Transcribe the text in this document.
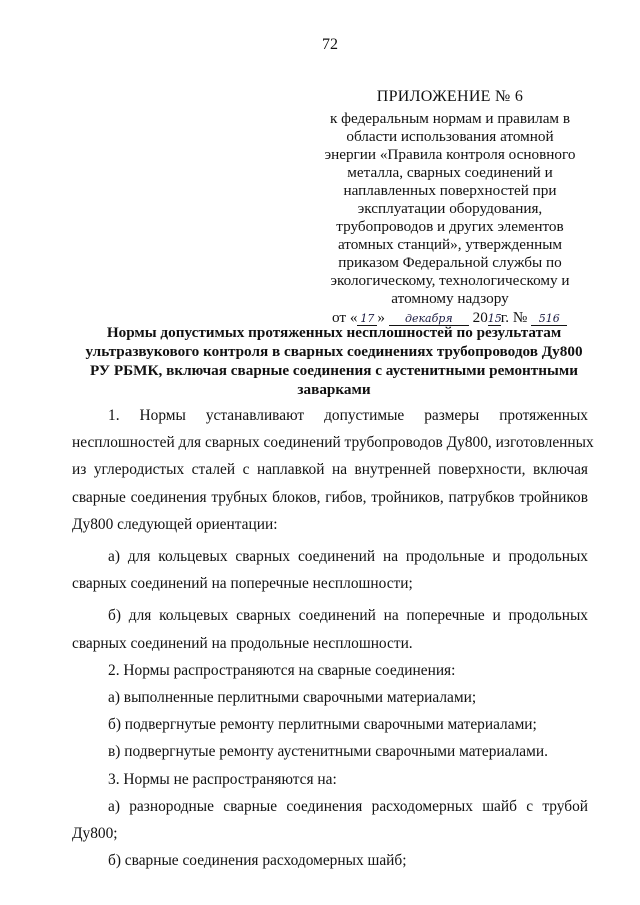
72
ПРИЛОЖЕНИЕ № 6
к федеральным нормам и правилам в
области использования атомной
энергии «Правила контроля основного
металла, сварных соединений и
наплавленных поверхностей при
эксплуатации оборудования,
трубопроводов и других элементов
атомных станций», утвержденным
приказом Федеральной службы по
экологическому, технологическому и
атомному надзору
от « 17 » декабря 2015г. № 516
Нормы допустимых протяженных несплошностей по результатам
ультразвукового контроля в сварных соединениях трубопроводов Ду800
РУ РБМК, включая сварные соединения с аустенитными ремонтными
заварками
1. Нормы устанавливают допустимые размеры протяженных
несплошностей для сварных соединений трубопроводов Ду800, изготовленных
из углеродистых сталей с наплавкой на внутренней поверхности, включая
сварные соединения трубных блоков, гибов, тройников, патрубков тройников
Ду800 следующей ориентации:
а) для кольцевых сварных соединений на продольные и продольных
сварных соединений на поперечные несплошности;
б) для кольцевых сварных соединений на поперечные и продольных
сварных соединений на продольные несплошности.
2. Нормы распространяются на сварные соединения:
а) выполненные перлитными сварочными материалами;
б) подвергнутые ремонту перлитными сварочными материалами;
в) подвергнутые ремонту аустенитными сварочными материалами.
3. Нормы не распространяются на:
а) разнородные сварные соединения расходомерных шайб с трубой
Ду800;
б) сварные соединения расходомерных шайб;
